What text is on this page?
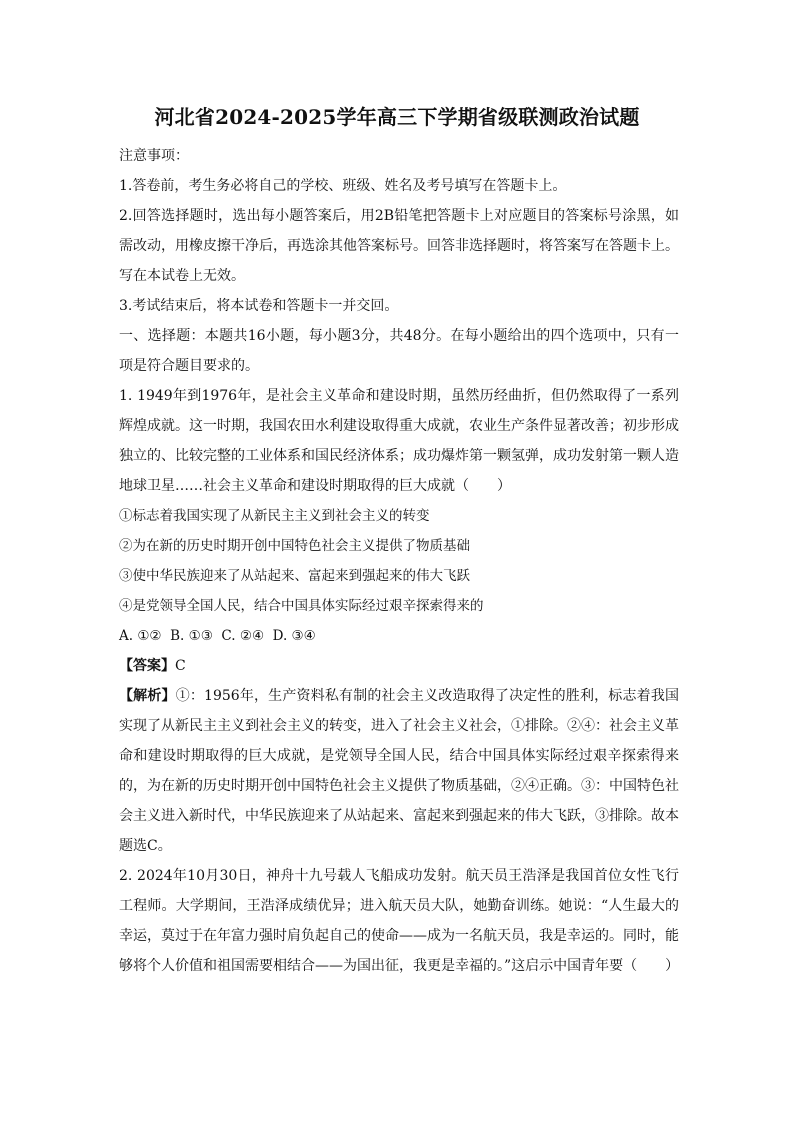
河北省2024-2025学年高三下学期省级联测政治试题
注意事项：
1.答卷前，考生务必将自己的学校、班级、姓名及考号填写在答题卡上。
2.回答选择题时，选出每小题答案后，用2B铅笔把答题卡上对应题目的答案标号涂黑，如需改动，用橡皮擦干净后，再选涂其他答案标号。回答非选择题时，将答案写在答题卡上。写在本试卷上无效。
3.考试结束后，将本试卷和答题卡一并交回。
一、选择题：本题共16小题，每小题3分，共48分。在每小题给出的四个选项中，只有一项是符合题目要求的。
1. 1949年到1976年，是社会主义革命和建设时期，虽然历经曲折，但仍然取得了一系列辉煌成就。这一时期，我国农田水利建设取得重大成就，农业生产条件显著改善；初步形成独立的、比较完整的工业体系和国民经济体系；成功爆炸第一颗氢弹，成功发射第一颗人造地球卫星……社会主义革命和建设时期取得的巨大成就（　　）
①标志着我国实现了从新民主主义到社会主义的转变
②为在新的历史时期开创中国特色社会主义提供了物质基础
③使中华民族迎来了从站起来、富起来到强起来的伟大飞跃
④是党领导全国人民，结合中国具体实际经过艰辛探索得来的
A. ①②  B. ①③  C. ②④  D. ③④
【答案】C
【解析】①：1956年，生产资料私有制的社会主义改造取得了决定性的胜利，标志着我国实现了从新民主主义到社会主义的转变，进入了社会主义社会，①排除。②④：社会主义革命和建设时期取得的巨大成就，是党领导全国人民，结合中国具体实际经过艰辛探索得来的，为在新的历史时期开创中国特色社会主义提供了物质基础，②④正确。③：中国特色社会主义进入新时代，中华民族迎来了从站起来、富起来到强起来的伟大飞跃，③排除。故本题选C。
2. 2024年10月30日，神舟十九号载人飞船成功发射。航天员王浩泽是我国首位女性飞行工程师。大学期间，王浩泽成绩优异；进入航天员大队，她勤奋训练。她说：“人生最大的幸运，莫过于在年富力强时肩负起自己的使命——成为一名航天员，我是幸运的。同时，能够将个人价值和祖国需要相结合——为国出征，我更是幸福的。”这启示中国青年要（　　）
